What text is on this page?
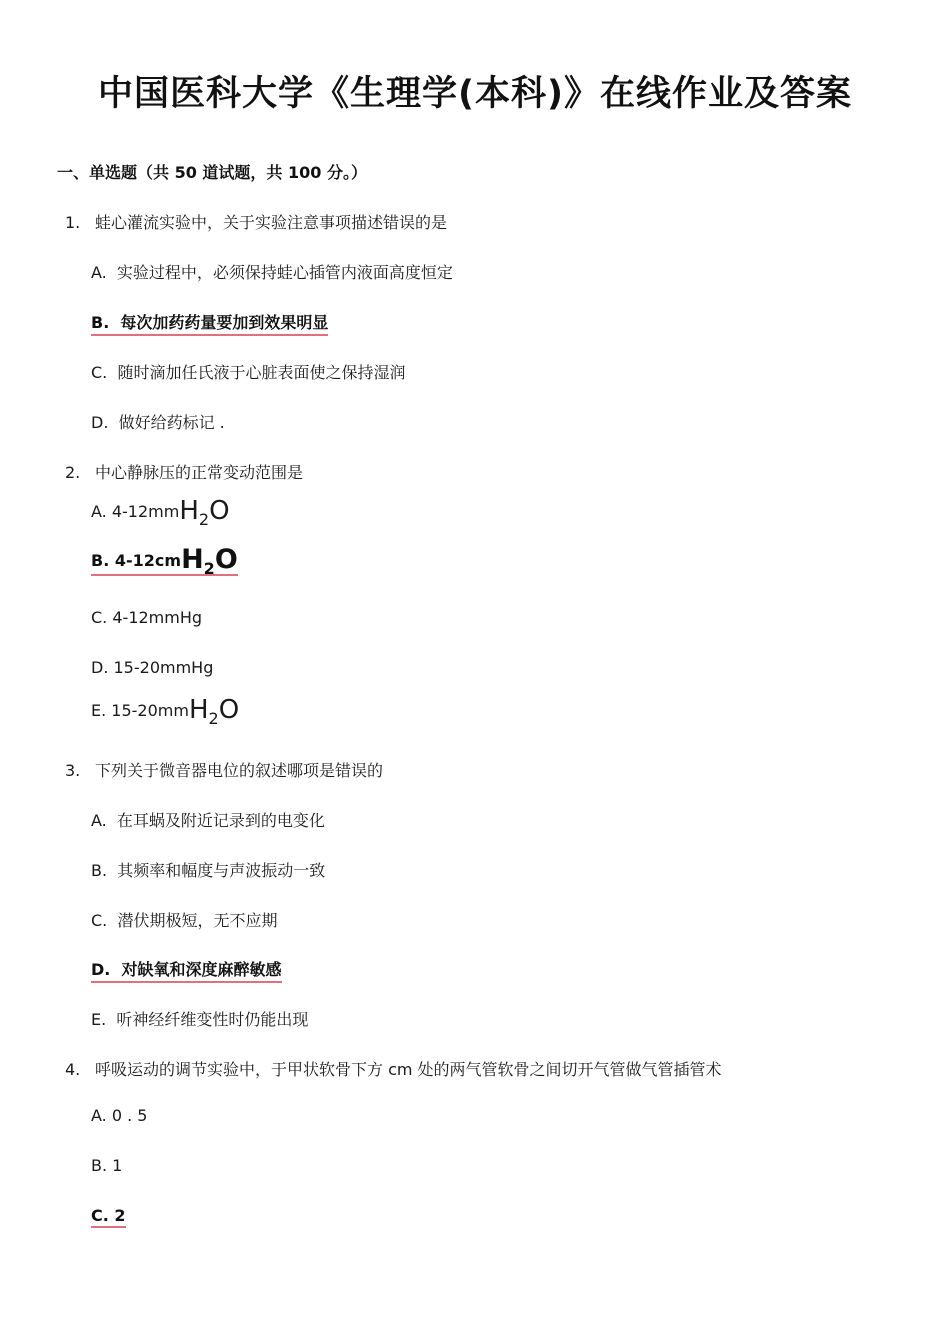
中国医科大学《生理学(本科)》在线作业及答案
一、单选题（共 50 道试题，共 100 分。）
1. 蛙心灌流实验中，关于实验注意事项描述错误的是
A. 实验过程中，必须保持蛙心插管内液面高度恒定
B. 每次加药药量要加到效果明显
C. 随时滴加任氏液于心脏表面使之保持湿润
D. 做好给药标记 .
2. 中心静脉压的正常变动范围是
A. 4-12mmH$_2$O
B. 4-12cmH$_2$O
C. 4-12mmHg
D. 15-20mmHg
E. 15-20mmH$_2$O
3. 下列关于微音器电位的叙述哪项是错误的
A. 在耳蜗及附近记录到的电变化
B. 其频率和幅度与声波振动一致
C. 潜伏期极短，无不应期
D. 对缺氧和深度麻醉敏感
E. 听神经纤维变性时仍能出现
4. 呼吸运动的调节实验中，于甲状软骨下方 cm 处的两气管软骨之间切开气管做气管插管术
A. 0 . 5
B. 1
C. 2
